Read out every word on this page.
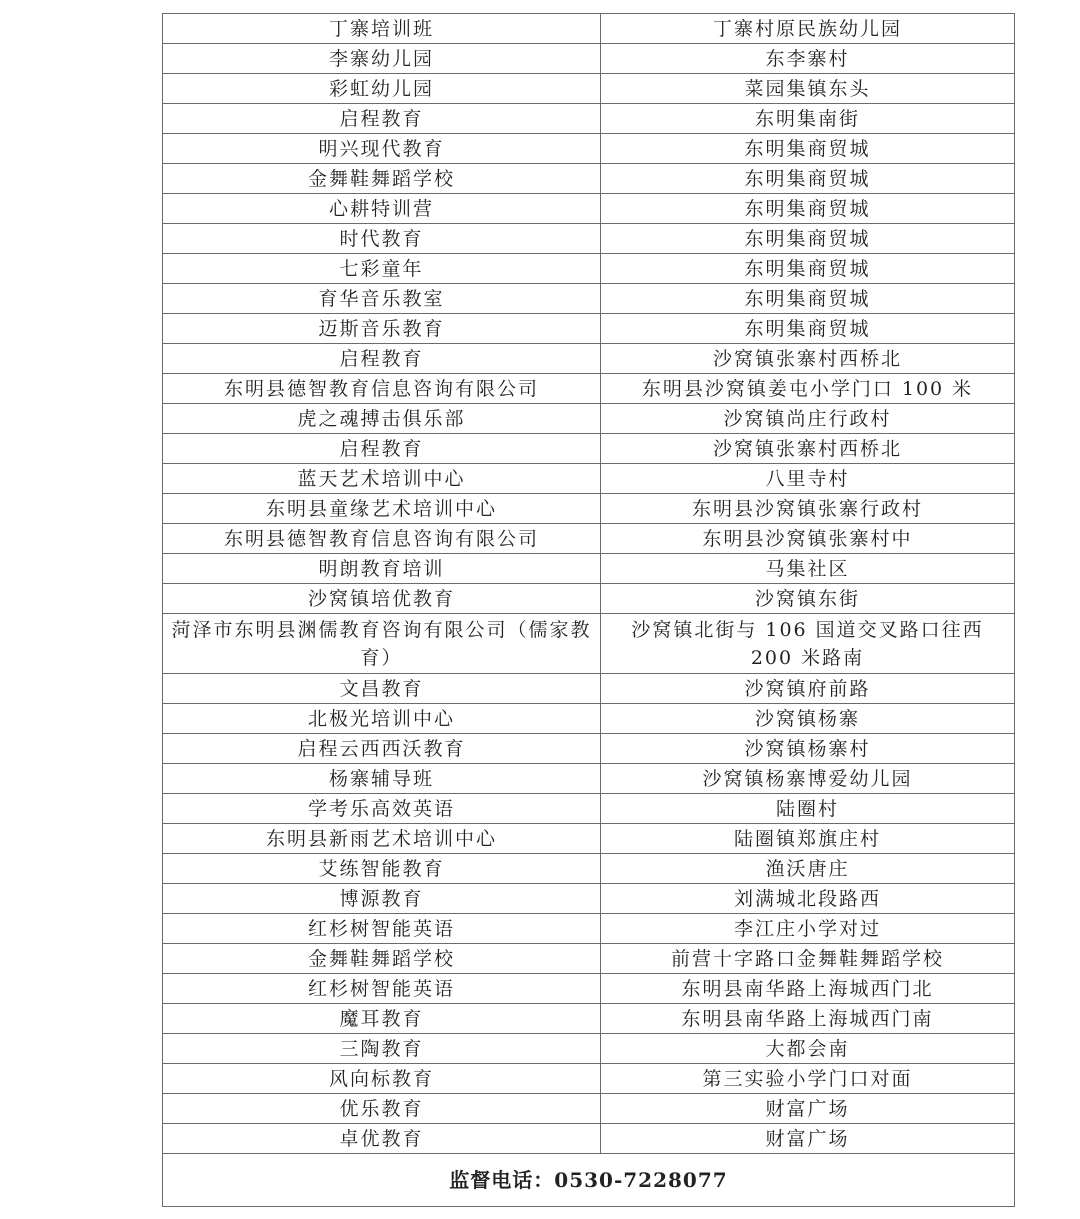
丁寨培训班	丁寨村原民族幼儿园
李寨幼儿园	东李寨村
彩虹幼儿园	菜园集镇东头
启程教育	东明集南街
明兴现代教育	东明集商贸城
金舞鞋舞蹈学校	东明集商贸城
心耕特训营	东明集商贸城
时代教育	东明集商贸城
七彩童年	东明集商贸城
育华音乐教室	东明集商贸城
迈斯音乐教育	东明集商贸城
启程教育	沙窝镇张寨村西桥北
东明县德智教育信息咨询有限公司	东明县沙窝镇姜屯小学门口 100 米
虎之魂搏击俱乐部	沙窝镇尚庄行政村
启程教育	沙窝镇张寨村西桥北
蓝天艺术培训中心	八里寺村
东明县童缘艺术培训中心	东明县沙窝镇张寨行政村
东明县德智教育信息咨询有限公司	东明县沙窝镇张寨村中
明朗教育培训	马集社区
沙窝镇培优教育	沙窝镇东街
菏泽市东明县渊儒教育咨询有限公司（儒家教育）	沙窝镇北街与 106 国道交叉路口往西 200 米路南
文昌教育	沙窝镇府前路
北极光培训中心	沙窝镇杨寨
启程云西西沃教育	沙窝镇杨寨村
杨寨辅导班	沙窝镇杨寨博爱幼儿园
学考乐高效英语	陆圈村
东明县新雨艺术培训中心	陆圈镇郑旗庄村
艾练智能教育	渔沃唐庄
博源教育	刘满城北段路西
红杉树智能英语	李江庄小学对过
金舞鞋舞蹈学校	前营十字路口金舞鞋舞蹈学校
红杉树智能英语	东明县南华路上海城西门北
魔耳教育	东明县南华路上海城西门南
三陶教育	大都会南
风向标教育	第三实验小学门口对面
优乐教育	财富广场
卓优教育	财富广场
监督电话：0530-7228077	
